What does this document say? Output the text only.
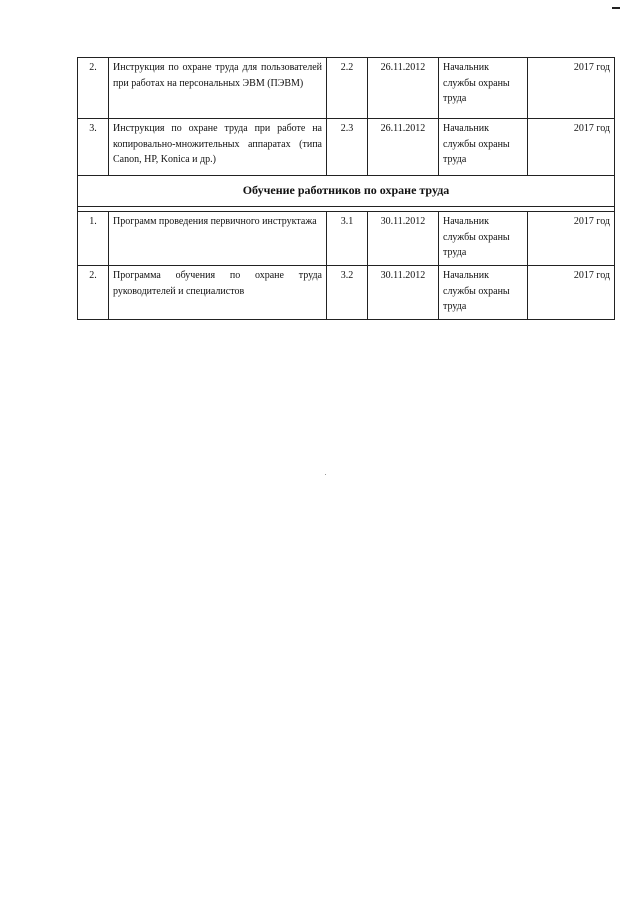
2.	Инструкция по охране труда для пользователей при работах на персональных ЭВМ (ПЭВМ)	2.2	26.11.2012	Начальник службы охраны труда	2017 год
3.	Инструкция по охране труда при работе на копировально-множительных аппаратах (типа Canon, HP, Konica и др.)	2.3	26.11.2012	Начальник службы охраны труда	2017 год
Обучение работников по охране труда					

1.	Программ проведения первичного инструктажа	3.1	30.11.2012	Начальник службы охраны труда	2017 год
2.	Программа обучения по охране труда руководителей и специалистов	3.2	30.11.2012	Начальник службы охраны труда	2017 год
